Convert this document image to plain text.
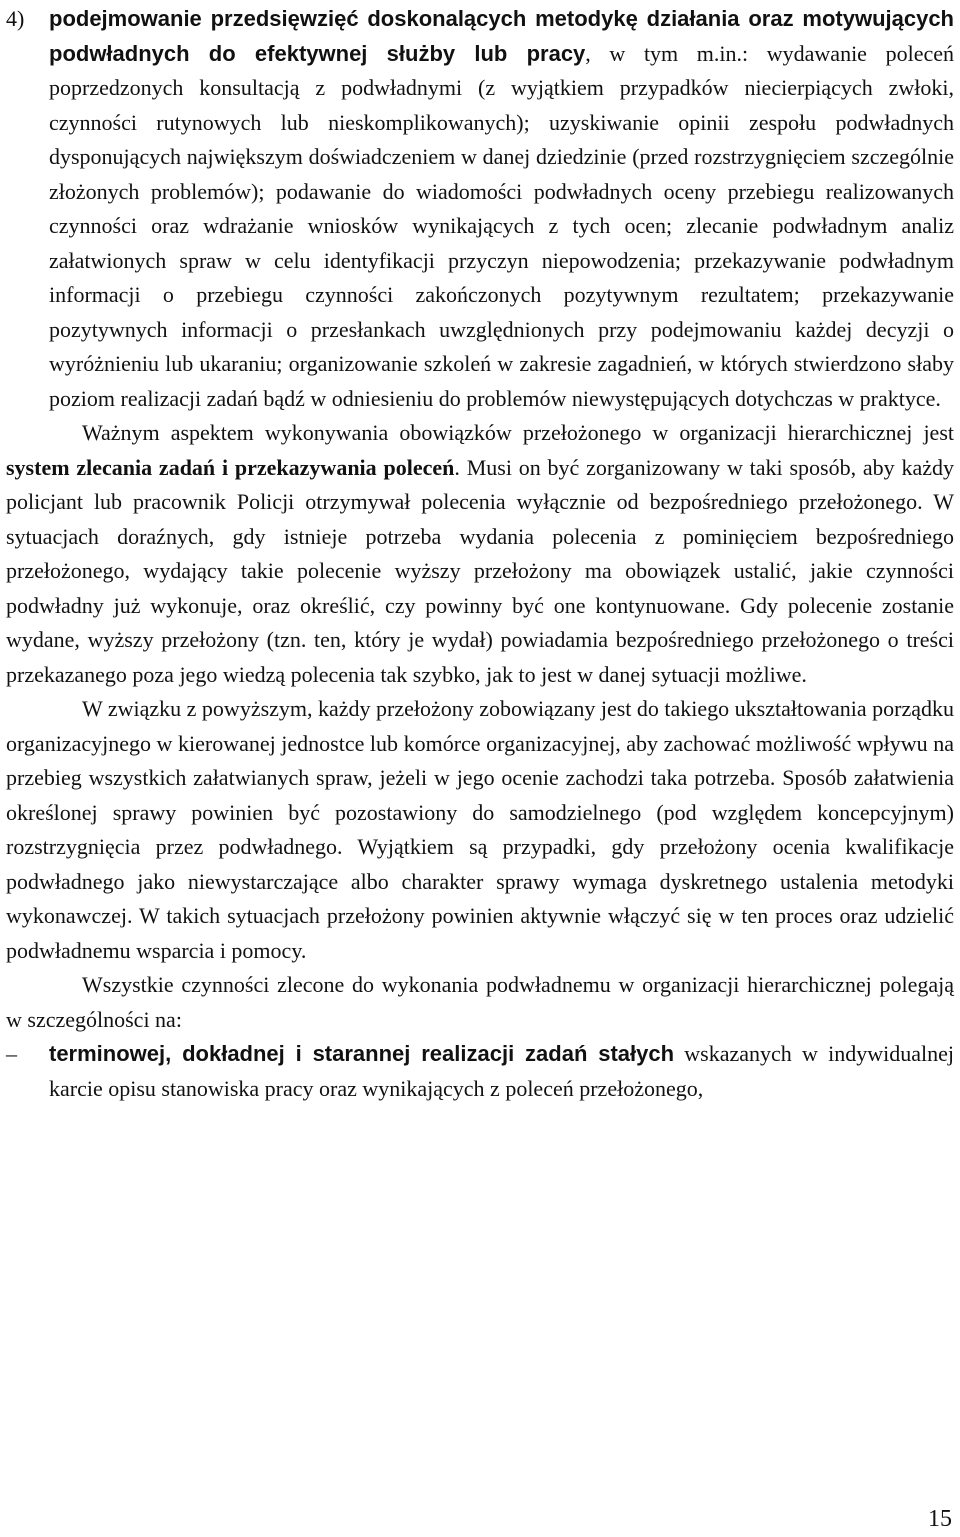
4) podejmowanie przedsięwzięć doskonalących metodykę działania oraz motywujących podwładnych do efektywnej służby lub pracy, w tym m.in.: wydawanie poleceń poprzedzonych konsultacją z podwładnymi (z wyjątkiem przypadków niecierpiących zwłoki, czynności rutynowych lub nieskomplikowanych); uzyskiwanie opinii zespołu podwładnych dysponujących największym doświadczeniem w danej dziedzinie (przed rozstrzygnięciem szczególnie złożonych problemów); podawanie do wiadomości podwładnych oceny przebiegu realizowanych czynności oraz wdrażanie wniosków wynikających z tych ocen; zlecanie podwładnym analiz załatwionych spraw w celu identyfikacji przyczyn niepowodzenia; przekazywanie podwładnym informacji o przebiegu czynności zakończonych pozytywnym rezultatem; przekazywanie pozytywnych informacji o przesłankach uwzględnionych przy podejmowaniu każdej decyzji o wyróżnieniu lub ukaraniu; organizowanie szkoleń w zakresie zagadnień, w których stwierdzono słaby poziom realizacji zadań bądź w odniesieniu do problemów niewystępujących dotychczas w praktyce.

Ważnym aspektem wykonywania obowiązków przełożonego w organizacji hierarchicznej jest system zlecania zadań i przekazywania poleceń. Musi on być zorganizowany w taki sposób, aby każdy policjant lub pracownik Policji otrzymywał polecenia wyłącznie od bezpośredniego przełożonego. W sytuacjach doraźnych, gdy istnieje potrzeba wydania polecenia z pominięciem bezpośredniego przełożonego, wydający takie polecenie wyższy przełożony ma obowiązek ustalić, jakie czynności podwładny już wykonuje, oraz określić, czy powinny być one kontynuowane. Gdy polecenie zostanie wydane, wyższy przełożony (tzn. ten, który je wydał) powiadamia bezpośredniego przełożonego o treści przekazanego poza jego wiedzą polecenia tak szybko, jak to jest w danej sytuacji możliwe.

W związku z powyższym, każdy przełożony zobowiązany jest do takiego ukształtowania porządku organizacyjnego w kierowanej jednostce lub komórce organizacyjnej, aby zachować możliwość wpływu na przebieg wszystkich załatwianych spraw, jeżeli w jego ocenie zachodzi taka potrzeba. Sposób załatwienia określonej sprawy powinien być pozostawiony do samodzielnego (pod względem koncepcyjnym) rozstrzygnięcia przez podwładnego. Wyjątkiem są przypadki, gdy przełożony ocenia kwalifikacje podwładnego jako niewystarczające albo charakter sprawy wymaga dyskretnego ustalenia metodyki wykonawczej. W takich sytuacjach przełożony powinien aktywnie włączyć się w ten proces oraz udzielić podwładnemu wsparcia i pomocy.

Wszystkie czynności zlecone do wykonania podwładnemu w organizacji hierarchicznej polegają w szczególności na:

– terminowej, dokładnej i starannej realizacji zadań stałych wskazanych w indywidualnej karcie opisu stanowiska pracy oraz wynikających z poleceń przełożonego,
15
